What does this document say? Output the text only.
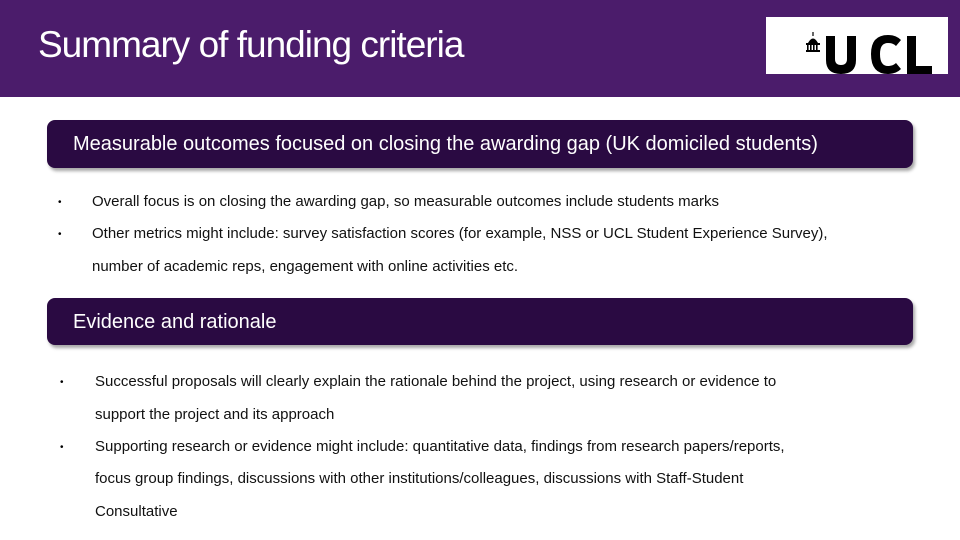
Summary of funding criteria
Measurable outcomes focused on closing the awarding gap (UK domiciled students)
• Overall focus is on closing the awarding gap, so measurable outcomes include students marks
• Other metrics might include: survey satisfaction scores (for example, NSS or UCL Student Experience Survey),
number of academic reps, engagement with online activities etc.
Evidence and rationale
• Successful proposals will clearly explain the rationale behind the project, using research or evidence to
support the project and its approach
• Supporting research or evidence might include: quantitative data, findings from research papers/reports,
focus group findings, discussions with other institutions/colleagues, discussions with Staff-Student
Consultative
